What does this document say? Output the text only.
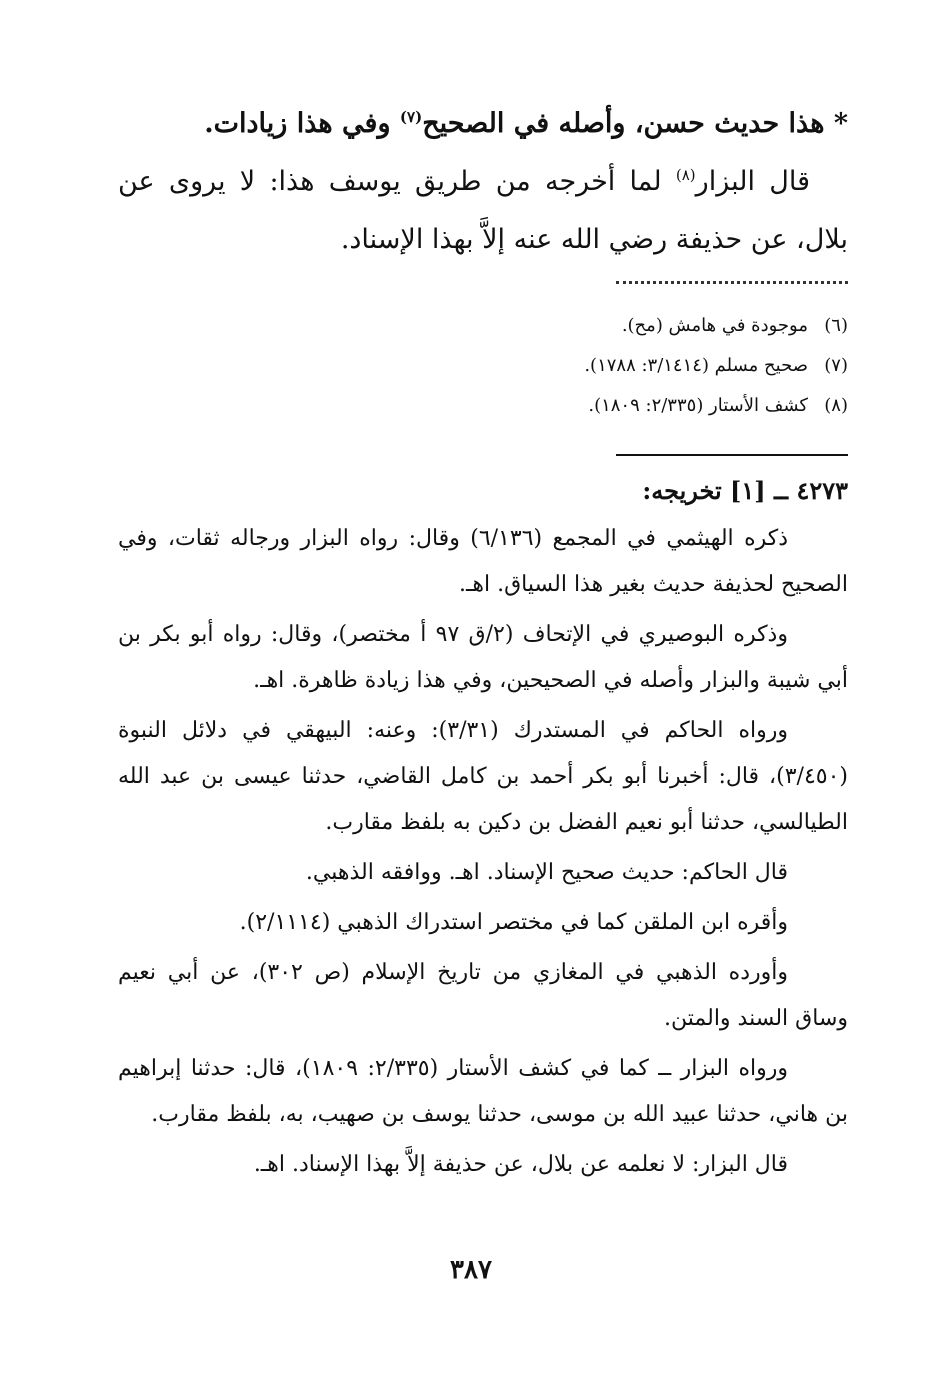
* هذا حديث حسن، وأصله في الصحيح$^{(٧)}$ وفي هذا زيادات.

قال البزار$^{(٨)}$ لما أخرجه من طريق يوسف هذا: لا يروى عن بلال، عن حذيفة رضي الله عنه إلاَّ بهذا الإسناد.

(٦)موجودة في هامش (مح).
(٧)صحيح مسلم (٣/١٤١٤: ١٧٨٨).
(٨)كشف الأستار (٢/٣٣٥: ١٨٠٩).
٤٢٧٣ ــ [١] تخريجه:

ذكره الهيثمي في المجمع (٦/١٣٦) وقال: رواه البزار ورجاله ثقات، وفي الصحيح لحذيفة حديث بغير هذا السياق. اهـ.

وذكره البوصيري في الإتحاف (٢/ق ٩٧ أ مختصر)، وقال: رواه أبو بكر بن أبي شيبة والبزار وأصله في الصحيحين، وفي هذا زيادة ظاهرة. اهـ.

ورواه الحاكم في المستدرك (٣/٣١): وعنه: البيهقي في دلائل النبوة (٣/٤٥٠)، قال: أخبرنا أبو بكر أحمد بن كامل القاضي، حدثنا عيسى بن عبد الله الطيالسي، حدثنا أبو نعيم الفضل بن دكين به بلفظ مقارب.

قال الحاكم: حديث صحيح الإسناد. اهـ. ووافقه الذهبي.

وأقره ابن الملقن كما في مختصر استدراك الذهبي (٢/١١١٤).

وأورده الذهبي في المغازي من تاريخ الإسلام (ص ٣٠٢)، عن أبي نعيم وساق السند والمتن.

ورواه البزار ــ كما في كشف الأستار (٢/٣٣٥: ١٨٠٩)، قال: حدثنا إبراهيم بن هاني، حدثنا عبيد الله بن موسى، حدثنا يوسف بن صهيب، به، بلفظ مقارب.

قال البزار: لا نعلمه عن بلال، عن حذيفة إلاَّ بهذا الإسناد. اهـ.

٣٨٧
